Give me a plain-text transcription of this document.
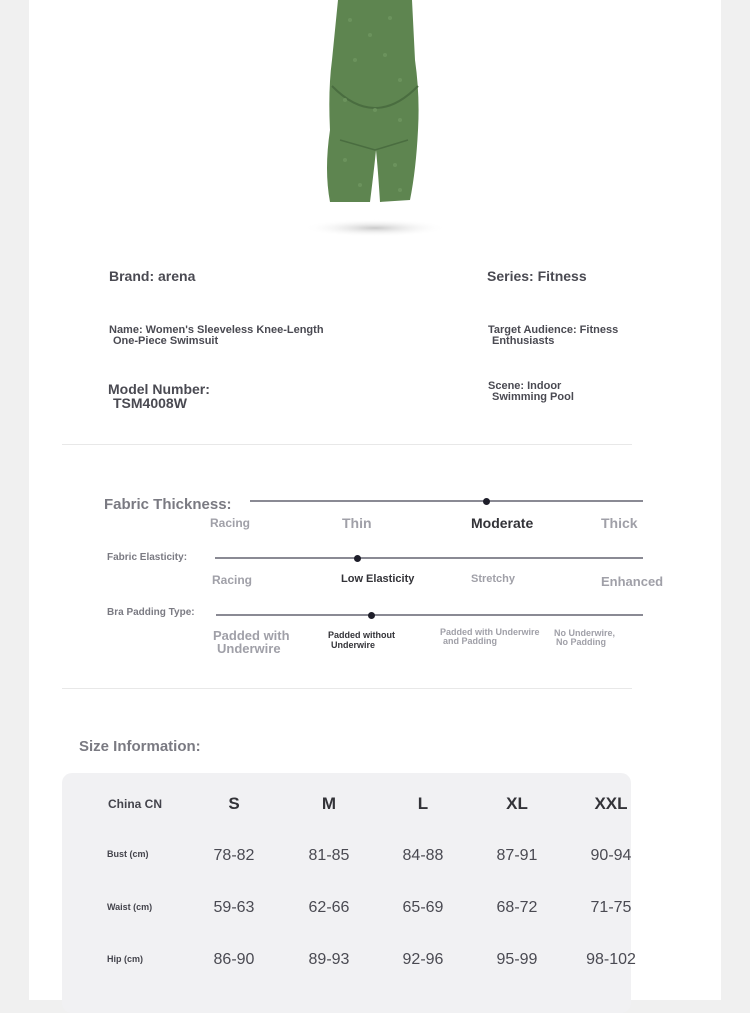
Brand: arena	Series: Fitness
Name: Women's Sleeveless Knee-Length
One-Piece Swimsuit
Target Audience: Fitness
Enthusiasts
Model Number:
TSM4008W
Scene: Indoor
Swimming Pool
Fabric Thickness:
Racing	Thin	Moderate	Thick
Fabric Elasticity:
Racing	Low Elasticity	Stretchy	Enhanced
Bra Padding Type:
Padded with
Underwire
Padded without
Underwire
Padded with Underwire
and Padding
No Underwire,
No Padding
Size Information:
China CN	S	M	L	XL	XXL
Bust (cm)	78-82	81-85	84-88	87-91	90-94
Waist (cm)	59-63	62-66	65-69	68-72	71-75
Hip (cm)	86-90	89-93	92-96	95-99	98-102
